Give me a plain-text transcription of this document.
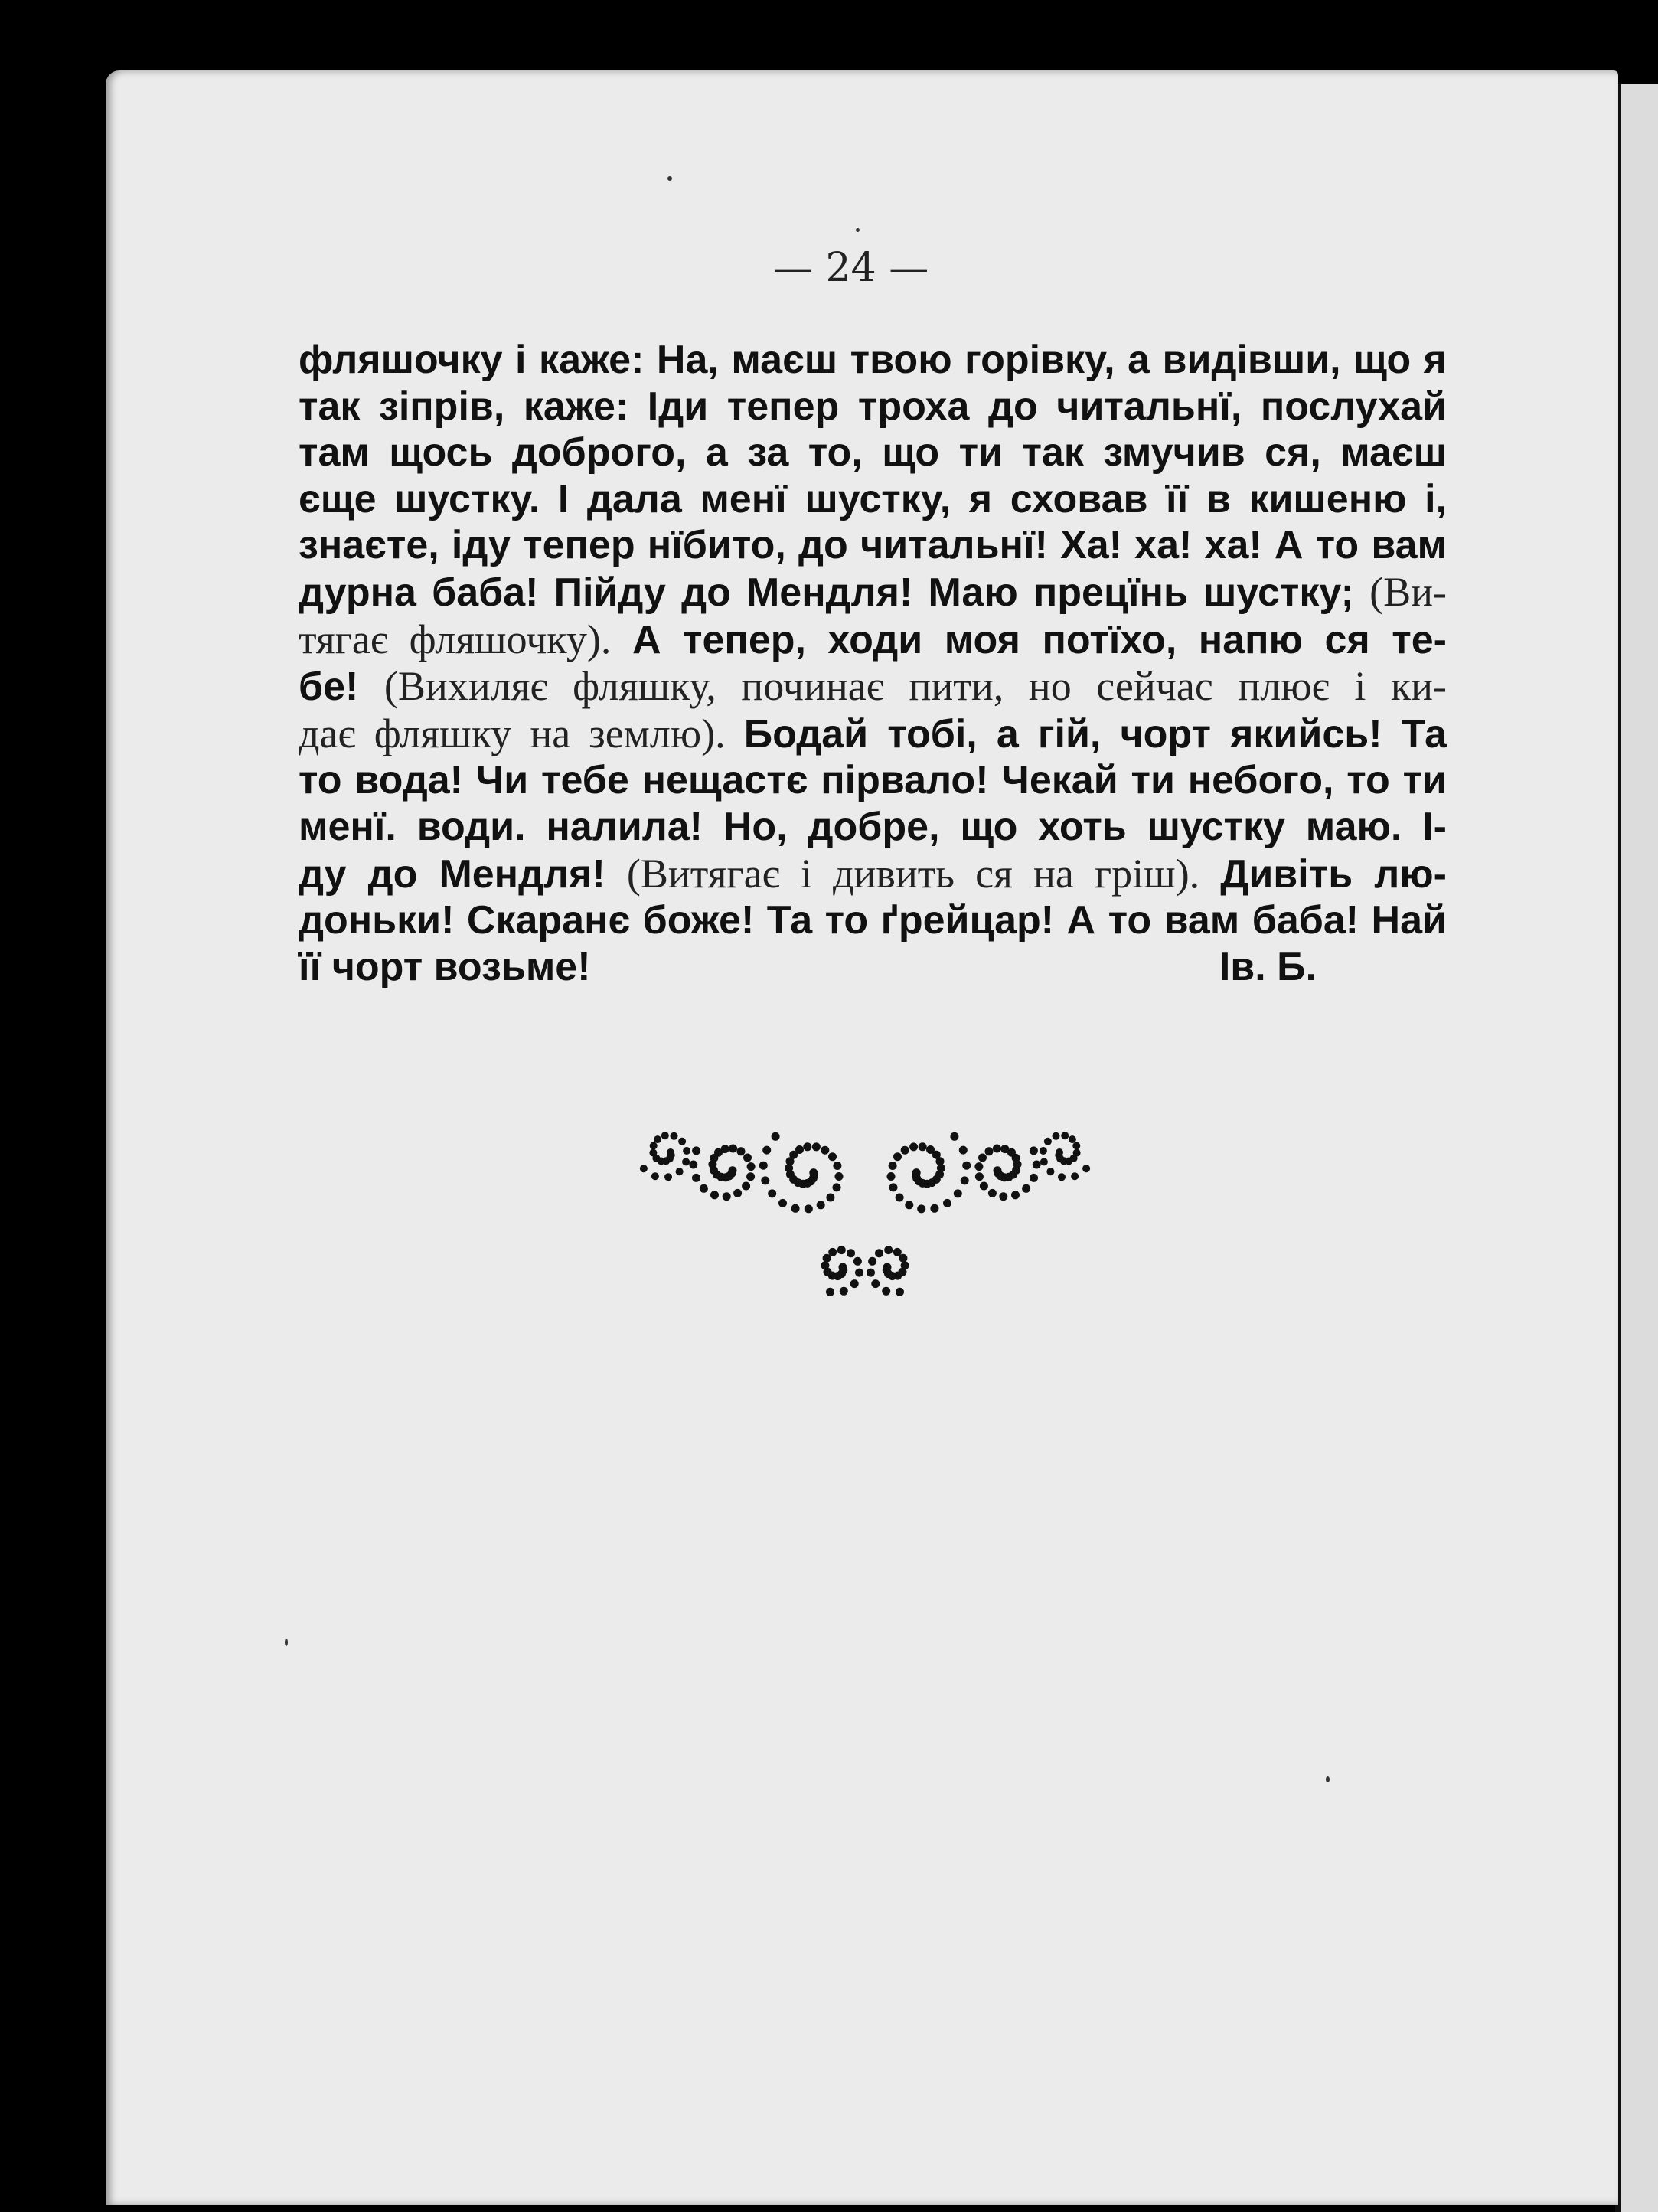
— 24 —
фляшочку і каже: На, маєш твою горівку, а видівши, що я
так зіпрів, каже: Іди тепер троха до читальнї, послухай
там щось доброго, а за то, що ти так змучив ся, маєш
єще шустку. І дала менї шустку, я сховав її в кишеню і,
знаєте, іду тепер нїбито, до читальнї! Ха! ха! ха! А то вам
дурна баба! Пійду до Мендля! Маю прецїнь шустку; (Ви-
тягає фляшочку). А тепер, ходи моя потїхо, напю ся те-
бе! (Вихиляє фляшку, починає пити, но сейчас плює і ки-
дає фляшку на землю). Бодай тобі, а гій, чорт якийсь! Та
то вода! Чи тебе нещастє пірвало! Чекай ти небого, то ти
менї. води. налила! Но, добре, що хоть шустку маю. І-
ду до Мендля! (Витягає і дивить ся на гріш). Дивіть лю-
доньки! Скаранє боже! Та то ґрейцар! А то вам баба! Най
її чорт возьме!	Ів. Б.
